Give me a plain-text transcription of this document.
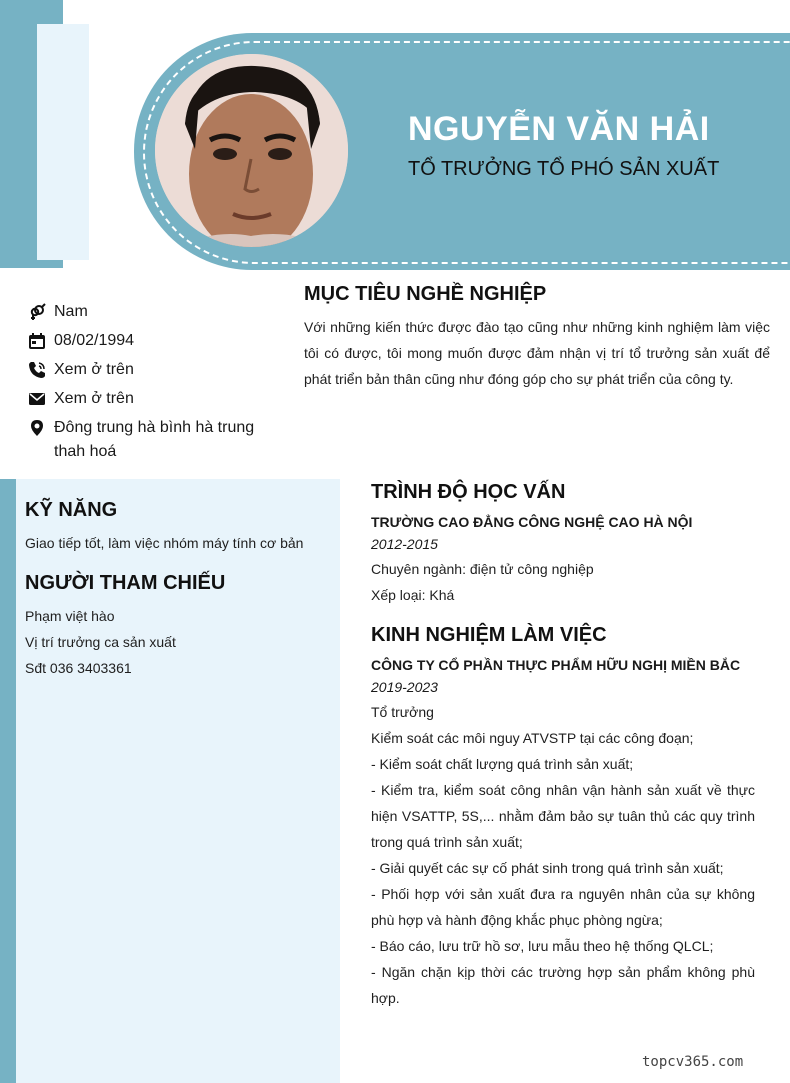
NGUYỄN VĂN HẢI
TỔ TRƯỞNG TỔ PHÓ SẢN XUẤT
Nam
08/02/1994
Xem ở trên
Xem ở trên
Đông trung hà bình hà trung thah hoá
MỤC TIÊU NGHỀ NGHIỆP
Với những kiến thức được đào tạo cũng như những kinh nghiệm làm việc tôi có được, tôi mong muốn được đảm nhận vị trí tổ trưởng sản xuất để phát triển bản thân cũng như đóng góp cho sự phát triển của công ty.
KỸ NĂNG
Giao tiếp tốt, làm việc nhóm máy tính cơ bản
NGƯỜI THAM CHIẾU
Phạm việt hào
Vị trí trưởng ca sản xuất
Sđt 036 3403361
TRÌNH ĐỘ HỌC VẤN
TRƯỜNG CAO ĐẲNG CÔNG NGHỆ CAO HÀ NỘI
2012-2015
Chuyên ngành: điện tử công nghiệp
Xếp loại: Khá
KINH NGHIỆM LÀM VIỆC
CÔNG TY CỔ PHẦN THỰC PHẨM HỮU NGHỊ MIỀN BẮC
2019-2023
Tổ trưởng
Kiểm soát các môi nguy ATVSTP tại các công đoạn;
- Kiểm soát chất lượng quá trình sản xuất;
- Kiểm tra, kiểm soát công nhân vận hành sản xuất về thực hiện VSATTP, 5S,... nhằm đảm bảo sự tuân thủ các quy trình trong quá trình sản xuất;
- Giải quyết các sự cố phát sinh trong quá trình sản xuất;
- Phối hợp với sản xuất đưa ra nguyên nhân của sự không phù hợp và hành động khắc phục phòng ngừa;
- Báo cáo, lưu trữ hồ sơ, lưu mẫu theo hệ thống QLCL;
- Ngăn chặn kịp thời các trường hợp sản phẩm không phù hợp.
topcv365.com
